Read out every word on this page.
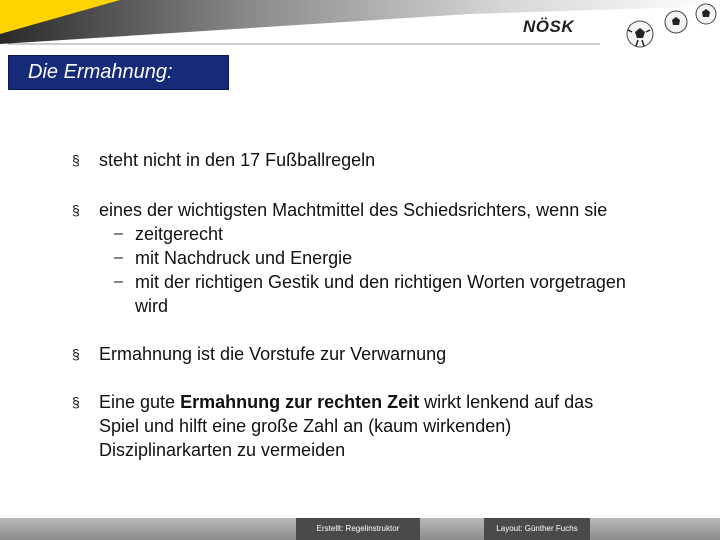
NÖSK
Die Ermahnung:
§ steht nicht in den 17 Fußballregeln
§ eines der wichtigsten Machtmittel des Schiedsrichters, wenn sie
– zeitgerecht
– mit Nachdruck und Energie
– mit der richtigen Gestik und den richtigen Worten vorgetragen
wird
§ Ermahnung ist die Vorstufe zur Verwarnung
§ Eine gute Ermahnung zur rechten Zeit wirkt lenkend auf das
Spiel und hilft eine große Zahl an (kaum wirkenden)
Disziplinarkarten zu vermeiden
Erstellt: Regelinstruktor	Layout: Günther Fuchs
